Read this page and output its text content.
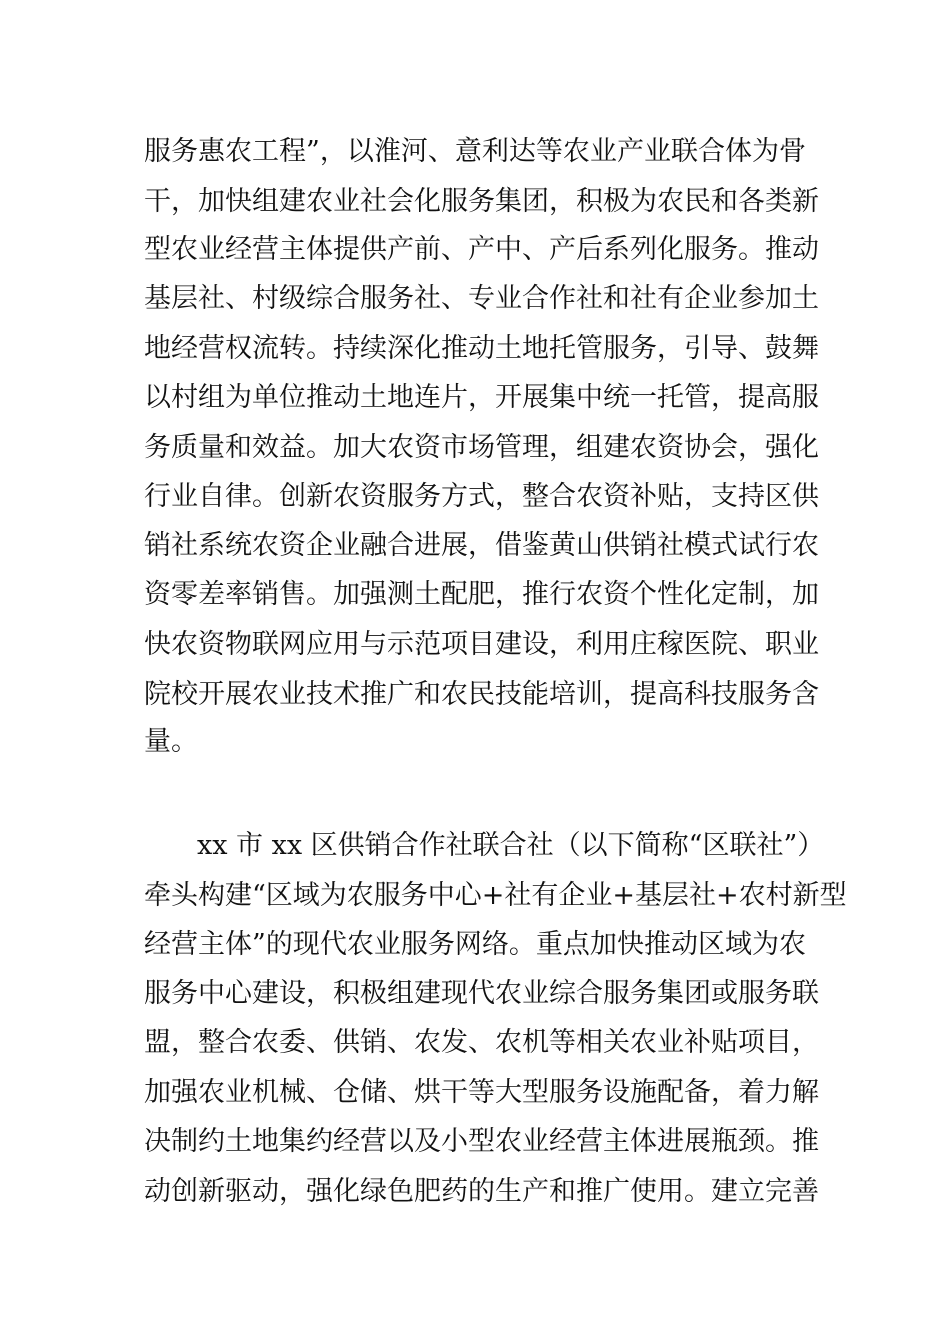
服务惠农工程”，以淮河、意利达等农业产业联合体为骨
干，加快组建农业社会化服务集团，积极为农民和各类新
型农业经营主体提供产前、产中、产后系列化服务。推动
基层社、村级综合服务社、专业合作社和社有企业参加土
地经营权流转。持续深化推动土地托管服务，引导、鼓舞
以村组为单位推动土地连片，开展集中统一托管，提高服
务质量和效益。加大农资市场管理，组建农资协会，强化
行业自律。创新农资服务方式，整合农资补贴，支持区供
销社系统农资企业融合进展，借鉴黄山供销社模式试行农
资零差率销售。加强测土配肥，推行农资个性化定制，加
快农资物联网应用与示范项目建设，利用庄稼医院、职业
院校开展农业技术推广和农民技能培训，提高科技服务含
量。
xx 市 xx 区供销合作社联合社（以下简称“区联社”）
牵头构建“区域为农服务中心+社有企业+基层社+农村新型
经营主体”的现代农业服务网络。重点加快推动区域为农
服务中心建设，积极组建现代农业综合服务集团或服务联
盟，整合农委、供销、农发、农机等相关农业补贴项目，
加强农业机械、仓储、烘干等大型服务设施配备，着力解
决制约土地集约经营以及小型农业经营主体进展瓶颈。推
动创新驱动，强化绿色肥药的生产和推广使用。建立完善
